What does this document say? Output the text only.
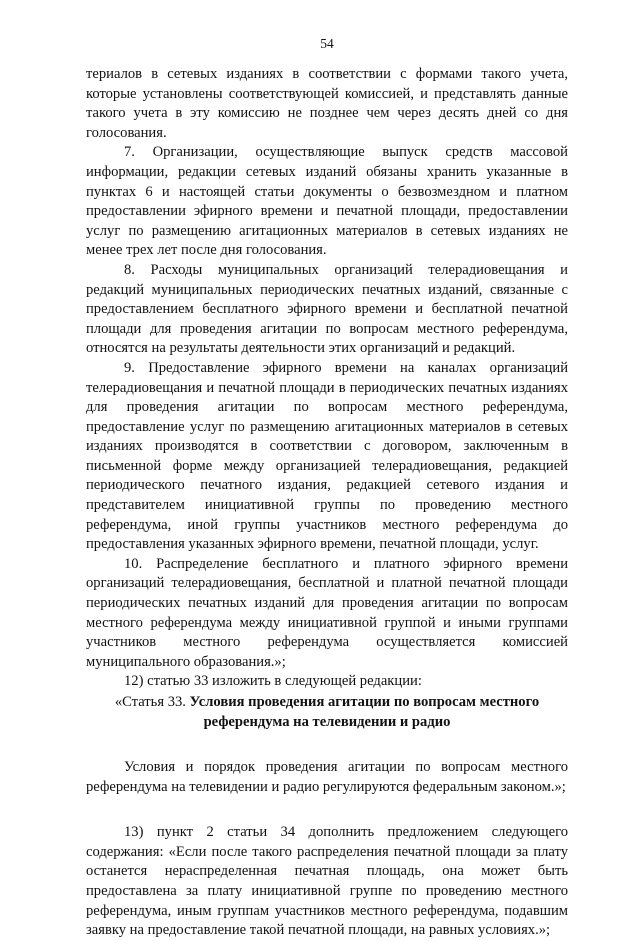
54

териалов в сетевых изданиях в соответствии с формами такого учета, которые установлены соответствующей комиссией, и представлять данные такого учета в эту комиссию не позднее чем через десять дней со дня голосования.

7. Организации, осуществляющие выпуск средств массовой информации, редакции сетевых изданий обязаны хранить указанные в пунктах 6 и настоящей статьи документы о безвозмездном и платном предоставлении эфирного времени и печатной площади, предоставлении услуг по размещению агитационных материалов в сетевых изданиях не менее трех лет после дня голосования.

8. Расходы муниципальных организаций телерадиовещания и редакций муниципальных периодических печатных изданий, связанные с предоставлением бесплатного эфирного времени и бесплатной печатной площади для проведения агитации по вопросам местного референдума, относятся на результаты деятельности этих организаций и редакций.

9. Предоставление эфирного времени на каналах организаций телерадиовещания и печатной площади в периодических печатных изданиях для проведения агитации по вопросам местного референдума, предоставление услуг по размещению агитационных материалов в сетевых изданиях производятся в соответствии с договором, заключенным в письменной форме между организацией телерадиовещания, редакцией периодического печатного издания, редакцией сетевого издания и представителем инициативной группы по проведению местного референдума, иной группы участников местного референдума до предоставления указанных эфирного времени, печатной площади, услуг.

10. Распределение бесплатного и платного эфирного времени организаций телерадиовещания, бесплатной и платной печатной площади периодических печатных изданий для проведения агитации по вопросам местного референдума между инициативной группой и иными группами участников местного референдума осуществляется комиссией муниципального образования.»;

12) статью 33 изложить в следующей редакции:

«Статья 33. Условия проведения агитации по вопросам местного
референдума на телевидении и радио

Условия и порядок проведения агитации по вопросам местного референдума на телевидении и радио регулируются федеральным законом.»;

13) пункт 2 статьи 34 дополнить предложением следующего содержания: «Если после такого распределения печатной площади за плату останется нераспределенная печатная площадь, она может быть предоставлена за плату инициативной группе по проведению местного референдума, иным группам участников местного референдума, подавшим заявку на предоставление такой печатной площади, на равных условиях.»;
